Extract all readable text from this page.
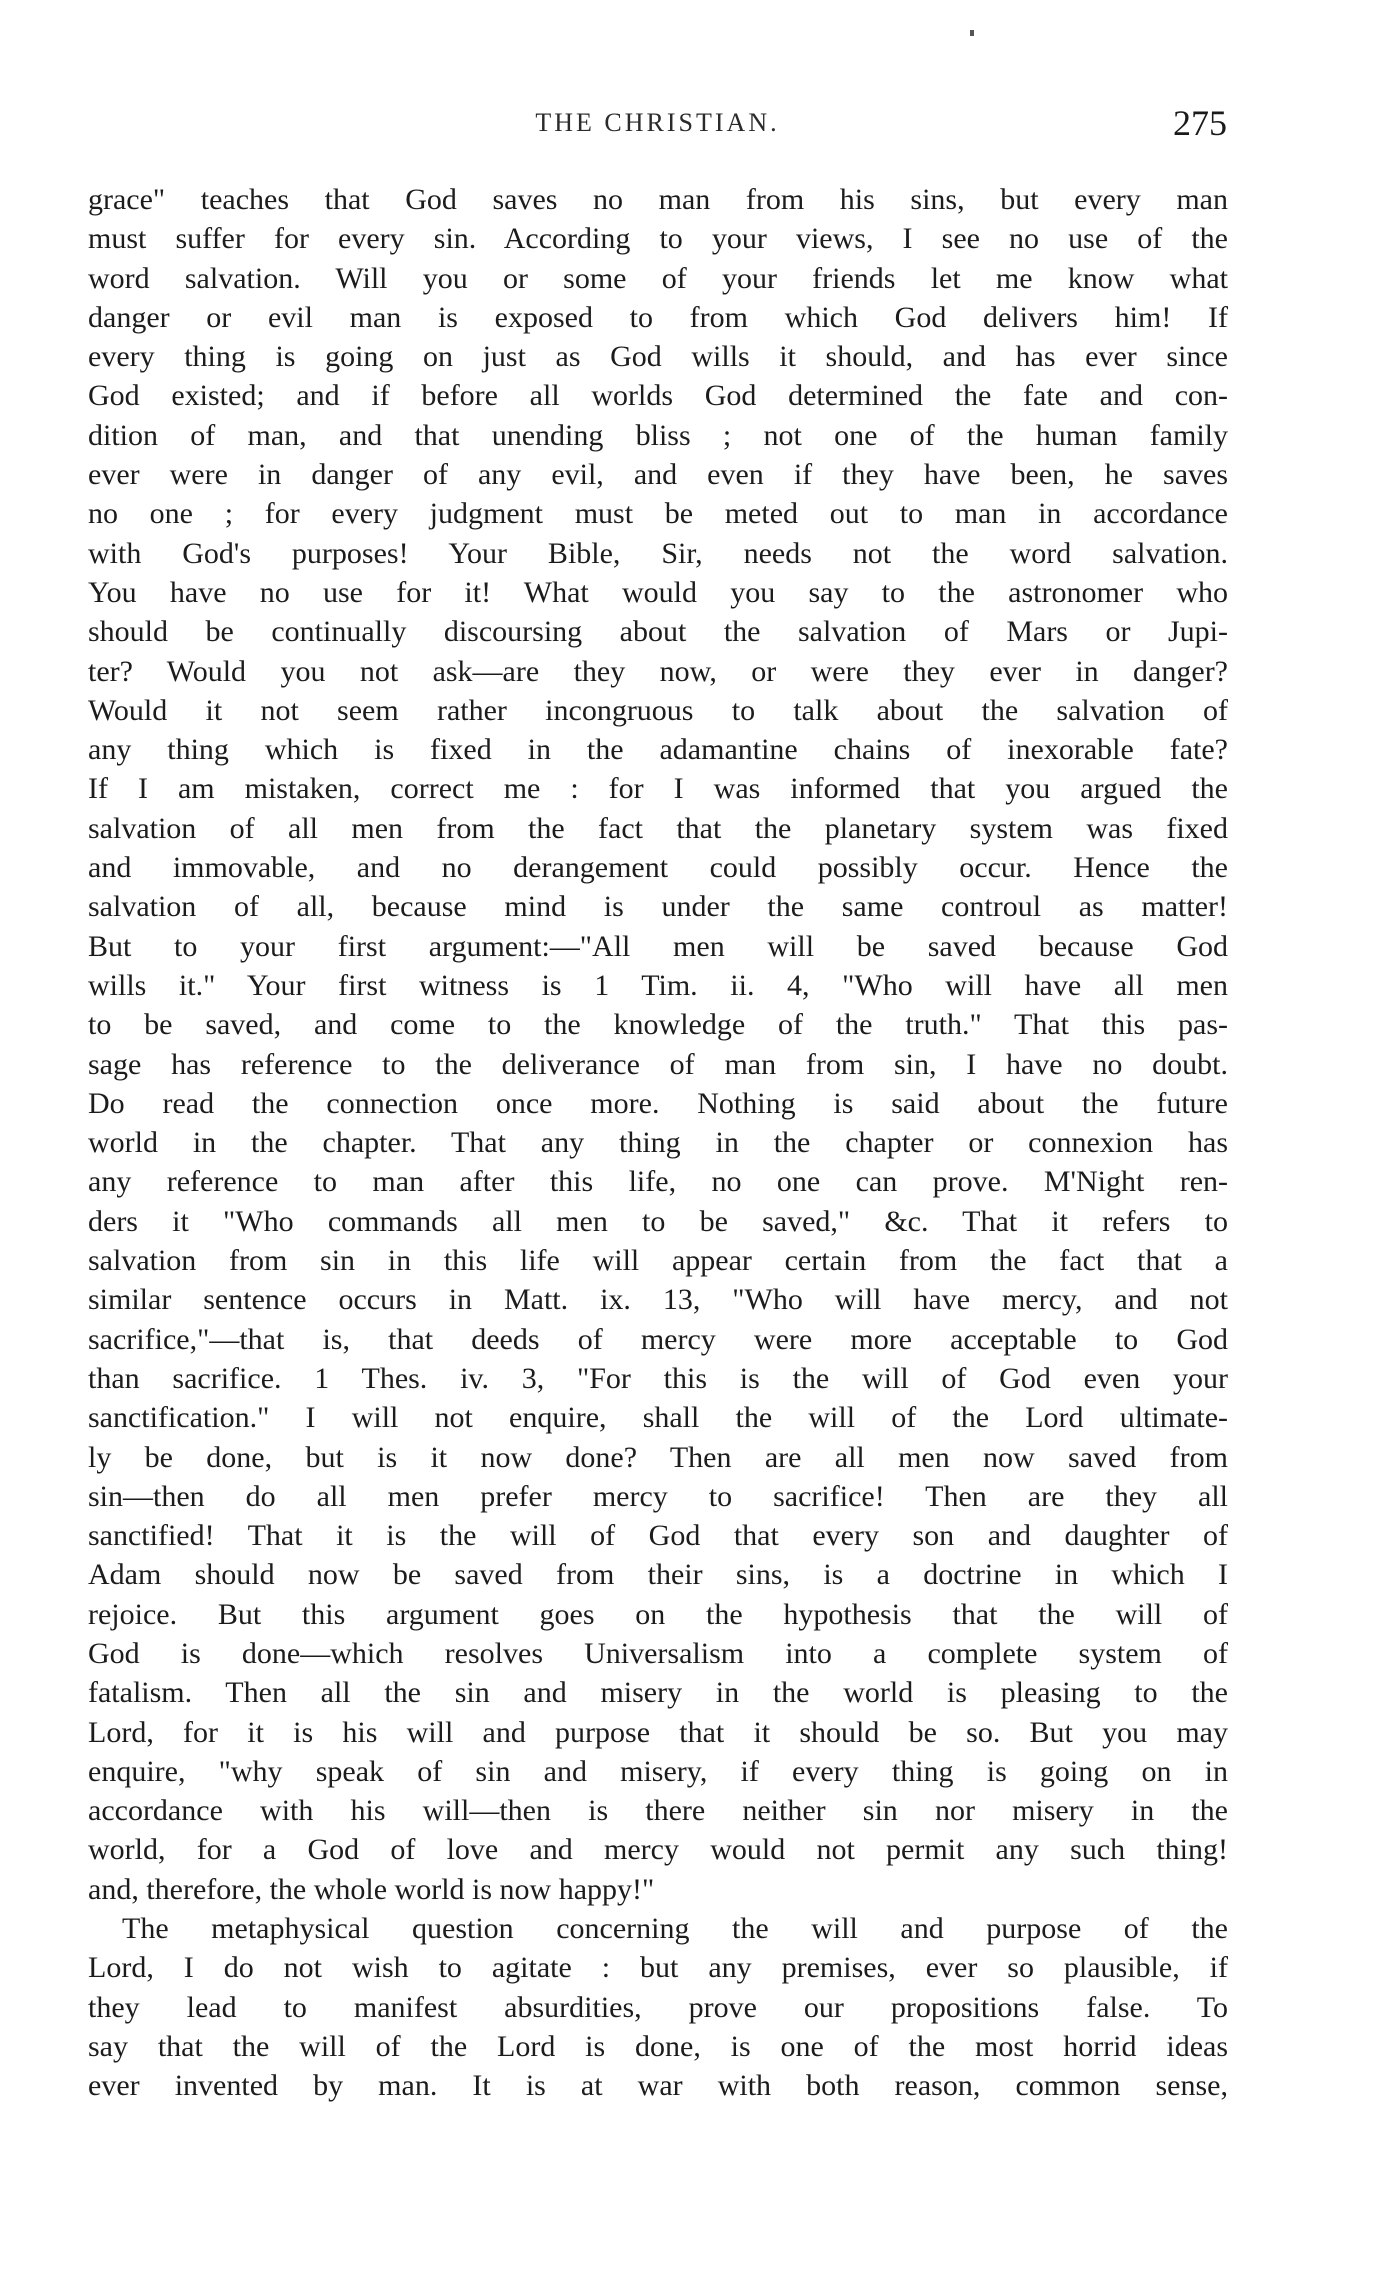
THE CHRISTIAN.	275
grace" teaches that God saves no man from his sins, but every man
must suffer for every sin. According to your views, I see no use of the
word salvation. Will you or some of your friends let me know what
danger or evil man is exposed to from which God delivers him! If
every thing is going on just as God wills it should, and has ever since
God existed; and if before all worlds God determined the fate and con-
dition of man, and that unending bliss ; not one of the human family
ever were in danger of any evil, and even if they have been, he saves
no one ; for every judgment must be meted out to man in accordance
with God's purposes! Your Bible, Sir, needs not the word salvation.
You have no use for it! What would you say to the astronomer who
should be continually discoursing about the salvation of Mars or Jupi-
ter? Would you not ask—are they now, or were they ever in danger?
Would it not seem rather incongruous to talk about the salvation of
any thing which is fixed in the adamantine chains of inexorable fate?
If I am mistaken, correct me : for I was informed that you argued the
salvation of all men from the fact that the planetary system was fixed
and immovable, and no derangement could possibly occur. Hence the
salvation of all, because mind is under the same controul as matter!
But to your first argument:—"All men will be saved because God
wills it." Your first witness is 1 Tim. ii. 4, "Who will have all men
to be saved, and come to the knowledge of the truth." That this pas-
sage has reference to the deliverance of man from sin, I have no doubt.
Do read the connection once more. Nothing is said about the future
world in the chapter. That any thing in the chapter or connexion has
any reference to man after this life, no one can prove. M'Night ren-
ders it "Who commands all men to be saved," &c. That it refers to
salvation from sin in this life will appear certain from the fact that a
similar sentence occurs in Matt. ix. 13, "Who will have mercy, and not
sacrifice,"—that is, that deeds of mercy were more acceptable to God
than sacrifice. 1 Thes. iv. 3, "For this is the will of God even your
sanctification." I will not enquire, shall the will of the Lord ultimate-
ly be done, but is it now done? Then are all men now saved from
sin—then do all men prefer mercy to sacrifice! Then are they all
sanctified! That it is the will of God that every son and daughter of
Adam should now be saved from their sins, is a doctrine in which I
rejoice. But this argument goes on the hypothesis that the will of
God is done—which resolves Universalism into a complete system of
fatalism. Then all the sin and misery in the world is pleasing to the
Lord, for it is his will and purpose that it should be so. But you may
enquire, "why speak of sin and misery, if every thing is going on in
accordance with his will—then is there neither sin nor misery in the
world, for a God of love and mercy would not permit any such thing!
and, therefore, the whole world is now happy!"
The metaphysical question concerning the will and purpose of the
Lord, I do not wish to agitate : but any premises, ever so plausible, if
they lead to manifest absurdities, prove our propositions false. To
say that the will of the Lord is done, is one of the most horrid ideas
ever invented by man. It is at war with both reason, common sense,
